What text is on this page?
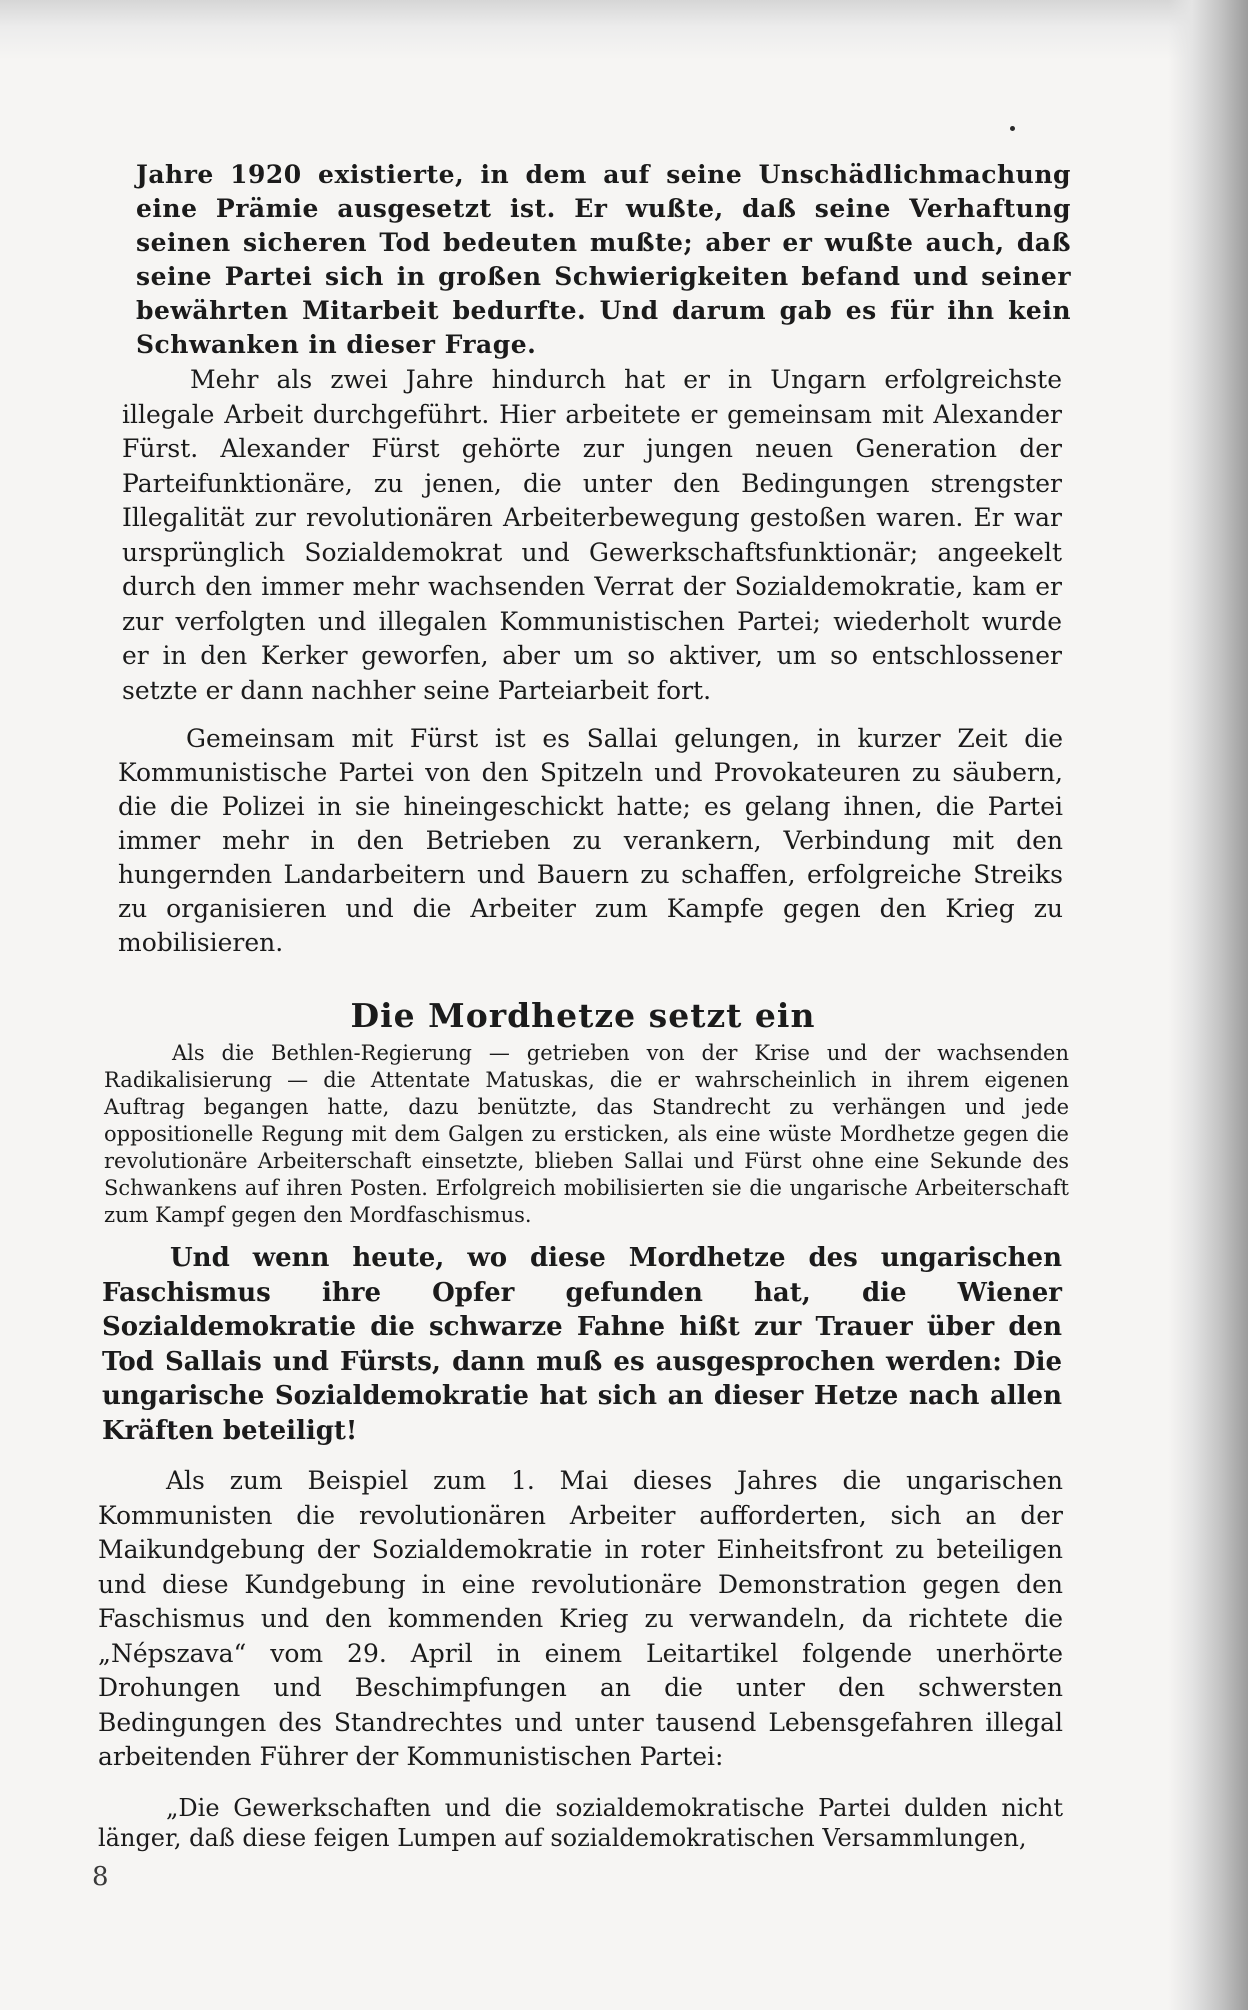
Jahre 1920 existierte, in dem auf seine Unschädlichmachung eine Prämie ausgesetzt ist. Er wußte, daß seine Verhaftung seinen sicheren Tod bedeuten mußte; aber er wußte auch, daß seine Partei sich in großen Schwierigkeiten befand und seiner bewährten Mitarbeit bedurfte. Und darum gab es für ihn kein Schwanken in dieser Frage.

Mehr als zwei Jahre hindurch hat er in Ungarn erfolgreichste illegale Arbeit durchgeführt. Hier arbeitete er gemeinsam mit Alexander Fürst. Alexander Fürst gehörte zur jungen neuen Generation der Parteifunktionäre, zu jenen, die unter den Bedingungen strengster Illegalität zur revolutionären Arbeiterbewegung gestoßen waren. Er war ursprünglich Sozialdemokrat und Gewerkschaftsfunktionär; angeekelt durch den immer mehr wachsenden Verrat der Sozialdemokratie, kam er zur verfolgten und illegalen Kommunistischen Partei; wiederholt wurde er in den Kerker geworfen, aber um so aktiver, um so entschlossener setzte er dann nachher seine Parteiarbeit fort.

Gemeinsam mit Fürst ist es Sallai gelungen, in kurzer Zeit die Kommunistische Partei von den Spitzeln und Provokateuren zu säubern, die die Polizei in sie hineingeschickt hatte; es gelang ihnen, die Partei immer mehr in den Betrieben zu verankern, Verbindung mit den hungernden Landarbeitern und Bauern zu schaffen, erfolgreiche Streiks zu organisieren und die Arbeiter zum Kampfe gegen den Krieg zu mobilisieren.

Die Mordhetze setzt ein

Als die Bethlen-Regierung — getrieben von der Krise und der wachsenden Radikalisierung — die Attentate Matuskas, die er wahrscheinlich in ihrem eigenen Auftrag begangen hatte, dazu benützte, das Standrecht zu verhängen und jede oppositionelle Regung mit dem Galgen zu ersticken, als eine wüste Mordhetze gegen die revolutionäre Arbeiterschaft einsetzte, blieben Sallai und Fürst ohne eine Sekunde des Schwankens auf ihren Posten. Erfolgreich mobilisierten sie die ungarische Arbeiterschaft zum Kampf gegen den Mordfaschismus.

Und wenn heute, wo diese Mordhetze des ungarischen Faschismus ihre Opfer gefunden hat, die Wiener Sozialdemokratie die schwarze Fahne hißt zur Trauer über den Tod Sallais und Fürsts, dann muß es ausgesprochen werden: Die ungarische Sozialdemokratie hat sich an dieser Hetze nach allen Kräften beteiligt!

Als zum Beispiel zum 1. Mai dieses Jahres die ungarischen Kommunisten die revolutionären Arbeiter aufforderten, sich an der Maikundgebung der Sozialdemokratie in roter Einheitsfront zu beteiligen und diese Kundgebung in eine revolutionäre Demonstration gegen den Faschismus und den kommenden Krieg zu verwandeln, da richtete die „Népszava“ vom 29. April in einem Leitartikel folgende unerhörte Drohungen und Beschimpfungen an die unter den schwersten Bedingungen des Standrechtes und unter tausend Lebensgefahren illegal arbeitenden Führer der Kommunistischen Partei:

„Die Gewerkschaften und die sozialdemokratische Partei dulden nicht länger, daß diese feigen Lumpen auf sozialdemokratischen Versammlungen,

8
